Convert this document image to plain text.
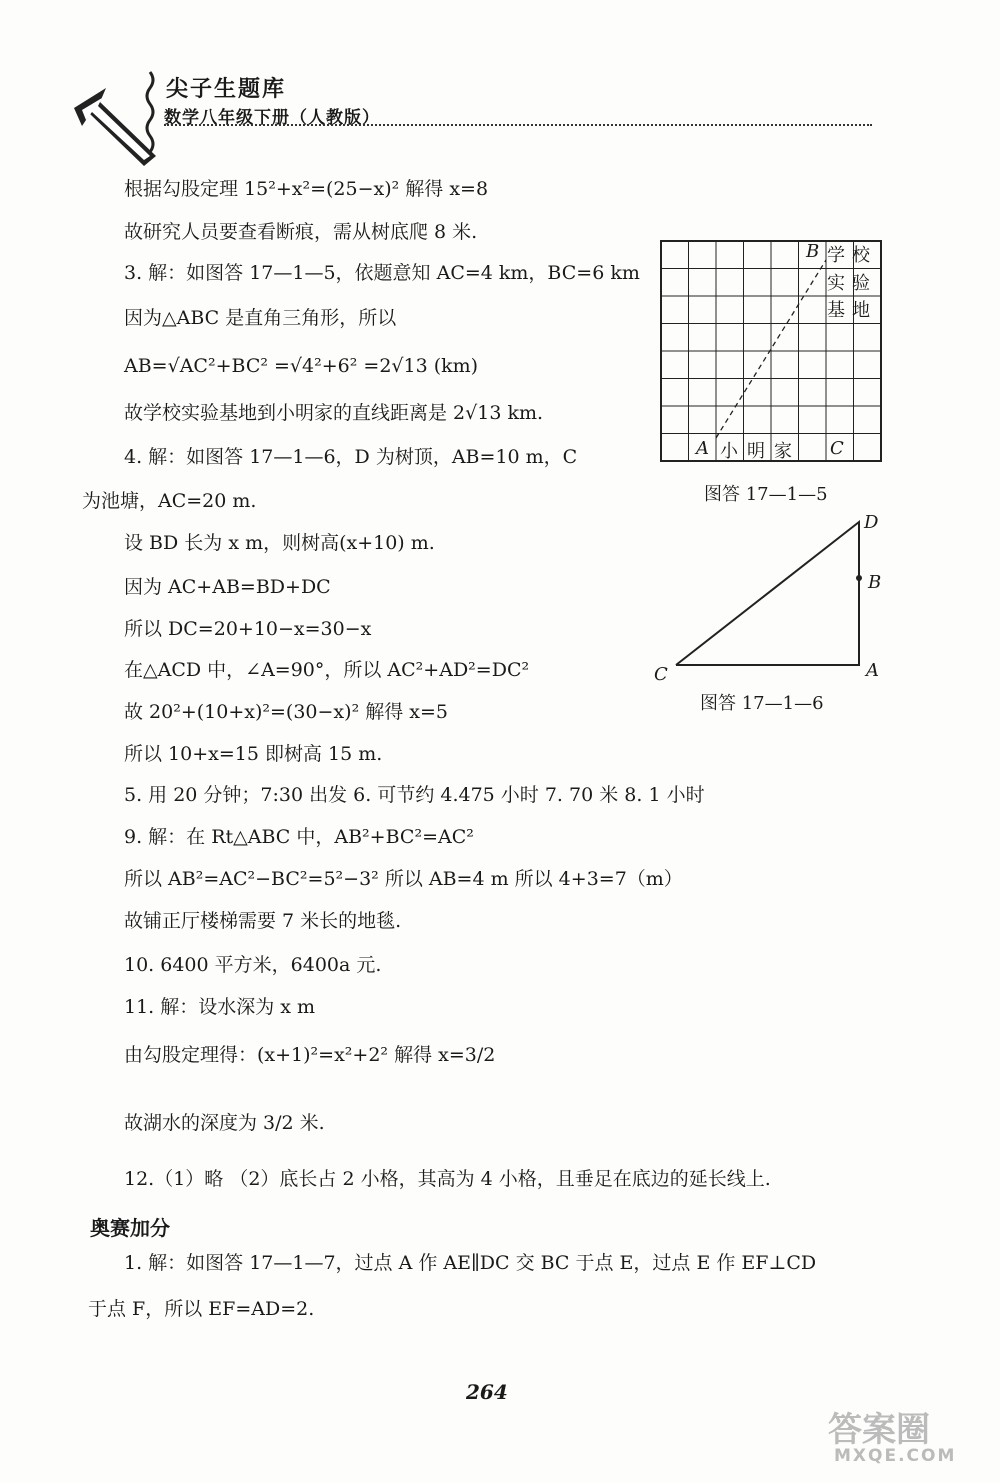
尖子生题库
数学八年级下册（人教版）
根据勾股定理 15²+x²=(25−x)² 解得 x=8
故研究人员要查看断痕，需从树底爬 8 米.
3. 解：如图答 17—1—5，依题意知 AC=4 km，BC=6 km
因为△ABC 是直角三角形，所以
AB=√AC²+BC² =√4²+6² =2√13 (km)
故学校实验基地到小明家的直线距离是 2√13 km.
4. 解：如图答 17—1—6，D 为树顶，AB=10 m，C
为池塘，AC=20 m.
设 BD 长为 x m，则树高(x+10) m.
因为 AC+AB=BD+DC
所以 DC=20+10−x=30−x
在△ACD 中，∠A=90°，所以 AC²+AD²=DC²
故 20²+(10+x)²=(30−x)² 解得 x=5
所以 10+x=15 即树高 15 m.
5. 用 20 分钟；7:30 出发 6. 可节约 4.475 小时 7. 70 米 8. 1 小时
9. 解：在 Rt△ABC 中，AB²+BC²=AC²
所以 AB²=AC²−BC²=5²−3² 所以 AB=4 m 所以 4+3=7（m）
故铺正厅楼梯需要 7 米长的地毯.
10. 6400 平方米，6400a 元.
11. 解：设水深为 x m
由勾股定理得：(x+1)²=x²+2² 解得 x=3/2
故湖水的深度为 3/2 米.
12.（1）略 （2）底长占 2 小格，其高为 4 小格，且垂足在底边的延长线上.
奥赛加分
1. 解：如图答 17—1—7，过点 A 作 AE∥DC 交 BC 于点 E，过点 E 作 EF⊥CD
于点 F，所以 EF=AD=2.
B 学校
实验
基地
A 小 明 家 C
图答 17—1—5
D
B
C	A
图答 17—1—6
264
答案圈
MXQE.COM
